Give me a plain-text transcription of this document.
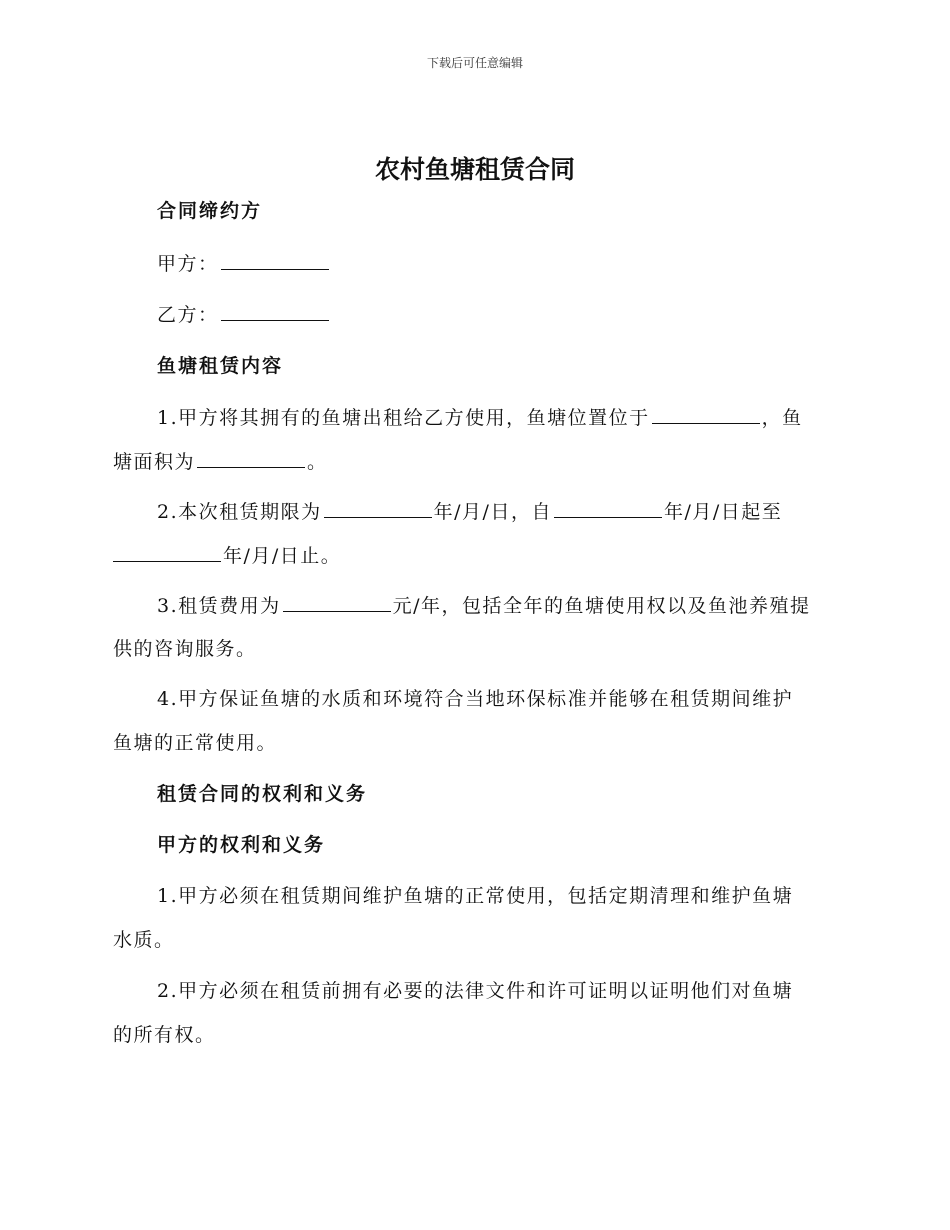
下载后可任意编辑
农村鱼塘租赁合同
合同缔约方
甲方：
乙方：
鱼塘租赁内容
1.甲方将其拥有的鱼塘出租给乙方使用，鱼塘位置位于	，鱼
塘面积为	。
2.本次租赁期限为	年/月/日，自	年/月/日起至
年/月/日止。
3.租赁费用为	元/年，包括全年的鱼塘使用权以及鱼池养殖提
供的咨询服务。
4.甲方保证鱼塘的水质和环境符合当地环保标准并能够在租赁期间维护
鱼塘的正常使用。
租赁合同的权利和义务
甲方的权利和义务
1.甲方必须在租赁期间维护鱼塘的正常使用，包括定期清理和维护鱼塘
水质。
2.甲方必须在租赁前拥有必要的法律文件和许可证明以证明他们对鱼塘
的所有权。
